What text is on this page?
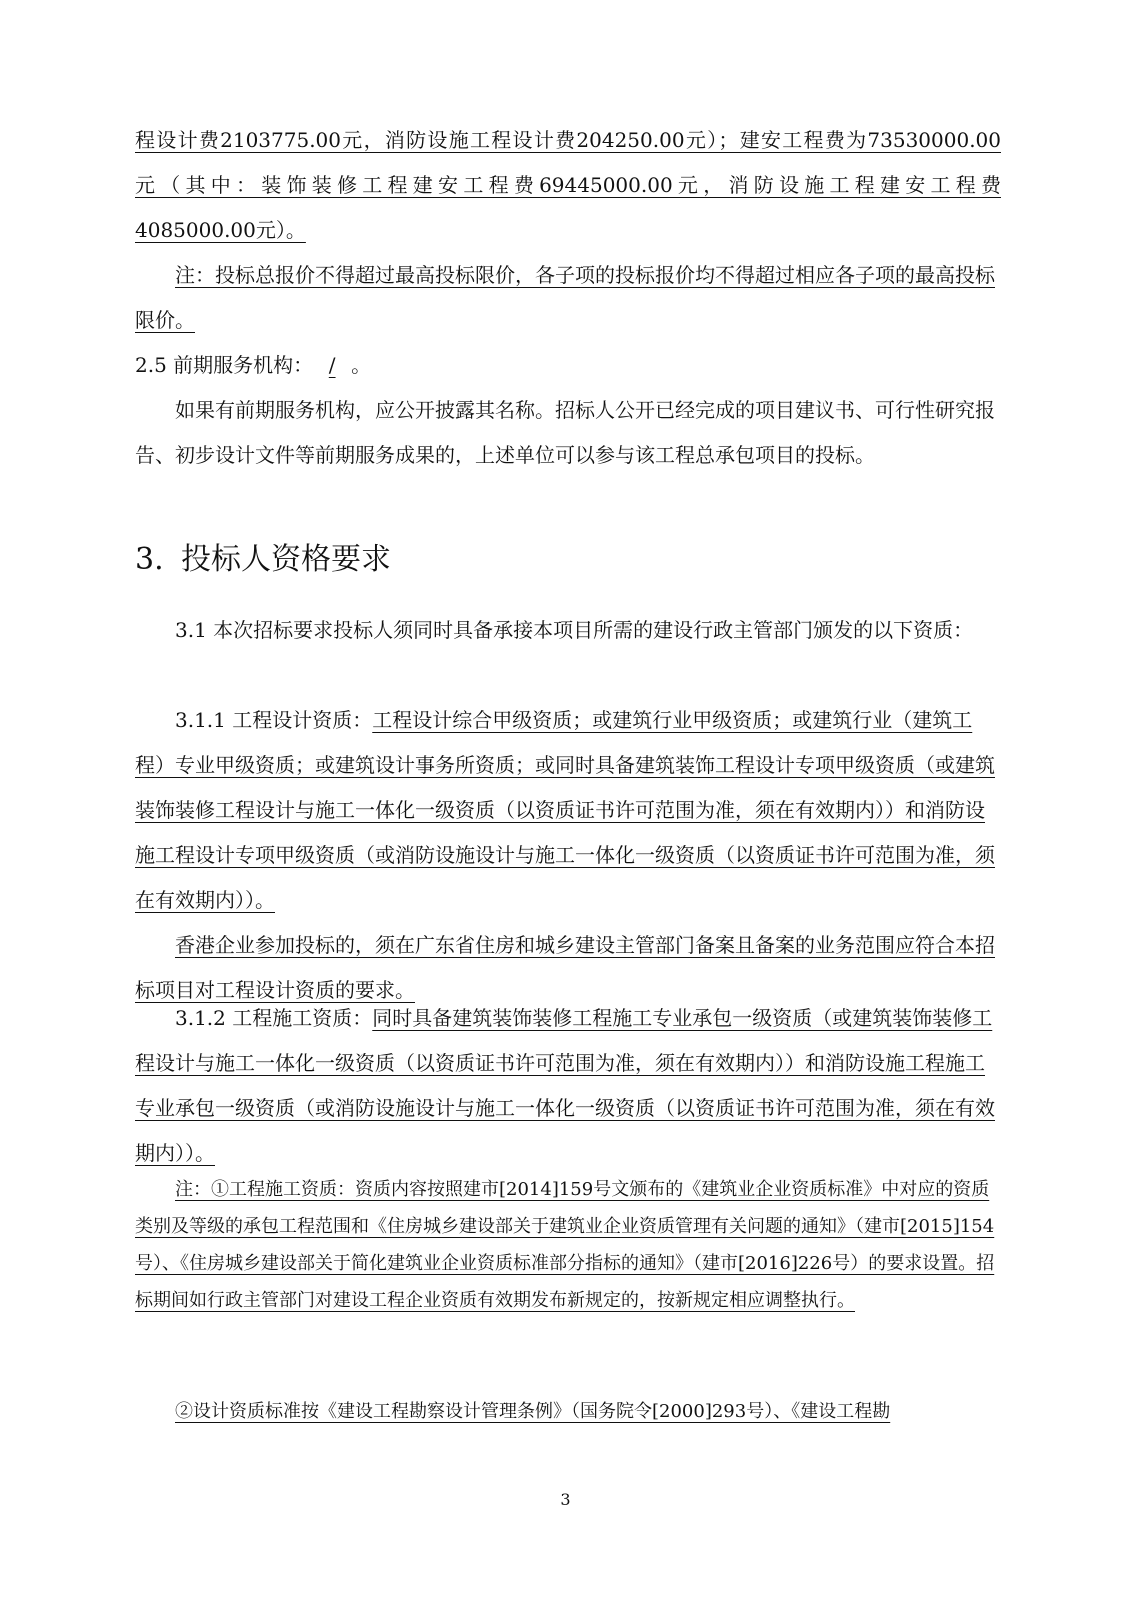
程设计费2103775.00元，消防设施工程设计费204250.00元）；建安工程费为73530000.00
元（其中：装饰装修工程建安工程费69445000.00元，消防设施工程建安工程费
4085000.00元）。

注：投标总报价不得超过最高投标限价，各子项的投标报价均不得超过相应各子项的最高投标限价。

2.5 前期服务机构： / 。

如果有前期服务机构，应公开披露其名称。招标人公开已经完成的项目建议书、可行性研究报告、初步设计文件等前期服务成果的，上述单位可以参与该工程总承包项目的投标。

3. 投标人资格要求

3.1 本次招标要求投标人须同时具备承接本项目所需的建设行政主管部门颁发的以下资质：

3.1.1 工程设计资质：工程设计综合甲级资质；或建筑行业甲级资质；或建筑行业（建筑工程）专业甲级资质；或建筑设计事务所资质；或同时具备建筑装饰工程设计专项甲级资质（或建筑装饰装修工程设计与施工一体化一级资质（以资质证书许可范围为准，须在有效期内））和消防设施工程设计专项甲级资质（或消防设施设计与施工一体化一级资质（以资质证书许可范围为准，须在有效期内））。

香港企业参加投标的，须在广东省住房和城乡建设主管部门备案且备案的业务范围应符合本招标项目对工程设计资质的要求。

3.1.2 工程施工资质：同时具备建筑装饰装修工程施工专业承包一级资质（或建筑装饰装修工程设计与施工一体化一级资质（以资质证书许可范围为准，须在有效期内））和消防设施工程施工专业承包一级资质（或消防设施设计与施工一体化一级资质（以资质证书许可范围为准，须在有效期内））。

注：①工程施工资质：资质内容按照建市[2014]159号文颁布的《建筑业企业资质标准》中对应的资质类别及等级的承包工程范围和《住房城乡建设部关于建筑业企业资质管理有关问题的通知》（建市[2015]154号）、《住房城乡建设部关于简化建筑业企业资质标准部分指标的通知》（建市[2016]226号）的要求设置。招标期间如行政主管部门对建设工程企业资质有效期发布新规定的，按新规定相应调整执行。

②设计资质标准按《建设工程勘察设计管理条例》（国务院令[2000]293号）、《建设工程勘

3
